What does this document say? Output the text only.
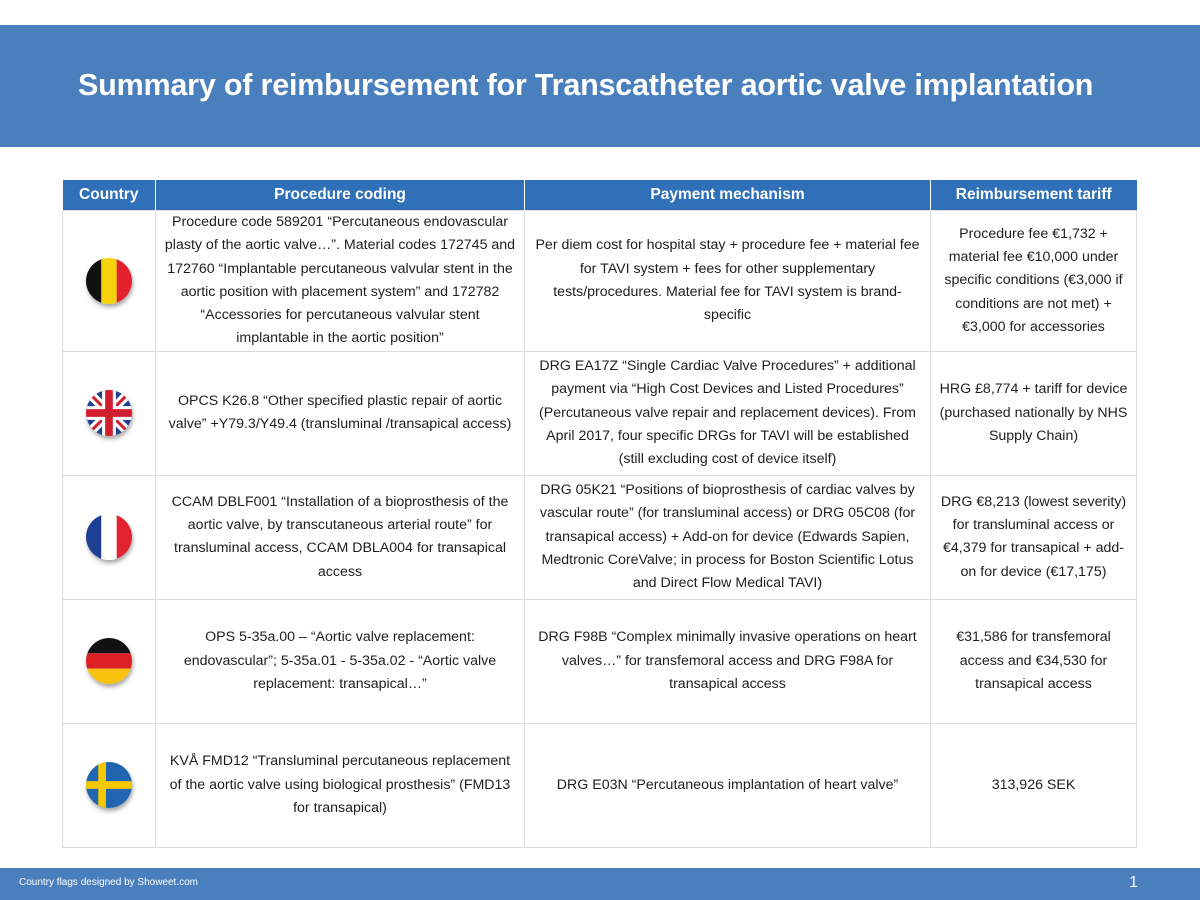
Summary of reimbursement for Transcatheter aortic valve implantation
Country	Procedure coding	Payment mechanism	Reimbursement tariff

	Procedure code 589201 “Percutaneous endovascular plasty of the aortic valve…”. Material codes 172745 and 172760 “Implantable percutaneous valvular stent in the aortic position with placement system” and 172782 “Accessories for percutaneous valvular stent implantable in the aortic position”	Per diem cost for hospital stay + procedure fee + material fee for TAVI system + fees for other supplementary tests/procedures. Material fee for TAVI system is brand-specific	Procedure fee €1,732 + material fee €10,000 under specific conditions (€3,000 if conditions are not met) + €3,000 for accessories

	OPCS K26.8 “Other specified plastic repair of aortic valve” +Y79.3/Y49.4 (transluminal /transapical access)	DRG EA17Z “Single Cardiac Valve Procedures” + additional payment via “High Cost Devices and Listed Procedures” (Percutaneous valve repair and replacement devices). From April 2017, four specific DRGs for TAVI will be established (still excluding cost of device itself)	HRG £8,774 + tariff for device (purchased nationally by NHS Supply Chain)

	CCAM DBLF001 “Installation of a bioprosthesis of the aortic valve, by transcutaneous arterial route” for transluminal access, CCAM DBLA004 for transapical access	DRG 05K21 “Positions of bioprosthesis of cardiac valves by vascular route” (for transluminal access) or DRG 05C08 (for transapical access) + Add-on for device (Edwards Sapien, Medtronic CoreValve; in process for Boston Scientific Lotus and Direct Flow Medical TAVI)	DRG €8,213 (lowest severity) for transluminal access or €4,379 for transapical + add-on for device (€17,175)

	OPS 5-35a.00 – “Aortic valve replacement: endovascular”; 5-35a.01 - 5-35a.02 - “Aortic valve replacement: transapical…”	DRG F98B “Complex minimally invasive operations on heart valves…” for transfemoral access and DRG F98A for transapical access	€31,586 for transfemoral access and €34,530 for transapical access

	KVÅ FMD12 “Transluminal percutaneous replacement of the aortic valve using biological prosthesis” (FMD13 for transapical)	DRG E03N “Percutaneous implantation of heart valve”	313,926 SEK
Country flags designed by Showeet.com	1
